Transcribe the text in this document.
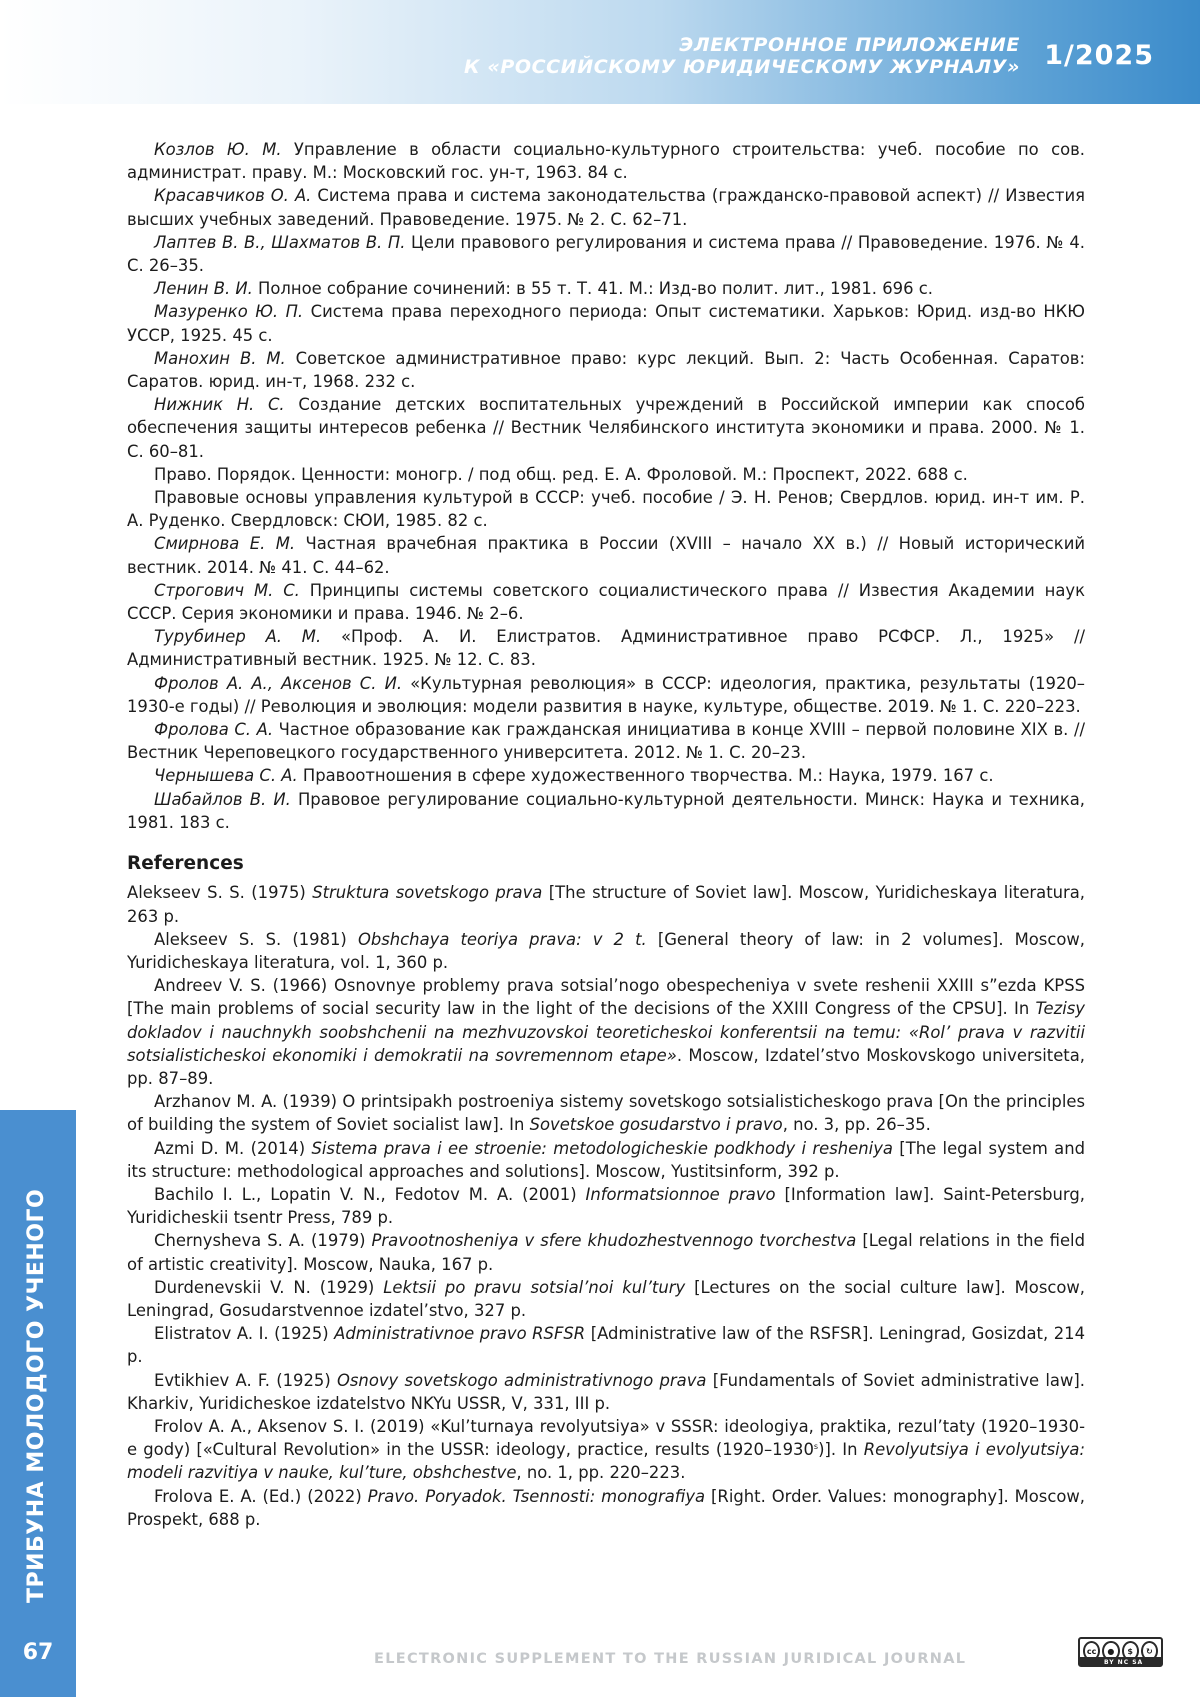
ЭЛЕКТРОННОЕ ПРИЛОЖЕНИЕ
К «РОССИЙСКОМУ ЮРИДИЧЕСКОМУ ЖУРНАЛУ» 1/2025
ТРИБУНА МОЛОДОГО УЧЕНОГО
67

Козлов Ю. М. Управление в области социально-культурного строительства: учеб. пособие по сов. администрат. праву. М.: Московский гос. ун-т, 1963. 84 с.

Красавчиков О. А. Система права и система законодательства (гражданско-правовой аспект) // Известия высших учебных заведений. Правоведение. 1975. № 2. С. 62–71.

Лаптев В. В., Шахматов В. П. Цели правового регулирования и система права // Правоведение. 1976. № 4. С. 26–35.

Ленин В. И. Полное собрание сочинений: в 55 т. Т. 41. М.: Изд-во полит. лит., 1981. 696 с.

Мазуренко Ю. П. Система права переходного периода: Опыт систематики. Харьков: Юрид. изд-во НКЮ УССР, 1925. 45 с.

Манохин В. М. Советское административное право: курс лекций. Вып. 2: Часть Особенная. Саратов: Саратов. юрид. ин-т, 1968. 232 с.

Нижник Н. С. Создание детских воспитательных учреждений в Российской империи как способ обеспечения защиты интересов ребенка // Вестник Челябинского института экономики и права. 2000. № 1. С. 60–81.

Право. Порядок. Ценности: моногр. / под общ. ред. Е. А. Фроловой. М.: Проспект, 2022. 688 с.

Правовые основы управления культурой в СССР: учеб. пособие / Э. Н. Ренов; Свердлов. юрид. ин-т им. Р. А. Руденко. Свердловск: СЮИ, 1985. 82 с.

Смирнова Е. М. Частная врачебная практика в России (XVIII – начало XX в.) // Новый исторический вестник. 2014. № 41. С. 44–62.

Строгович М. С. Принципы системы советского социалистического права // Известия Академии наук СССР. Серия экономики и права. 1946. № 2–6.

Турубинер А. М. «Проф. А. И. Елистратов. Административное право РСФСР. Л., 1925» // Административный вестник. 1925. № 12. С. 83.

Фролов А. А., Аксенов С. И. «Культурная революция» в СССР: идеология, практика, результаты (1920–1930-е годы) // Революция и эволюция: модели развития в науке, культуре, обществе. 2019. № 1. С. 220–223.

Фролова С. А. Частное образование как гражданская инициатива в конце XVIII – первой половине XIX в. // Вестник Череповецкого государственного университета. 2012. № 1. С. 20–23.

Чернышева С. А. Правоотношения в сфере художественного творчества. М.: Наука, 1979. 167 с.

Шабайлов В. И. Правовое регулирование социально-культурной деятельности. Минск: Наука и техника, 1981. 183 с.

References

Alekseev S. S. (1975) Struktura sovetskogo prava [The structure of Soviet law]. Moscow, Yuridicheskaya literatura, 263 p.

Alekseev S. S. (1981) Obshchaya teoriya prava: v 2 t. [General theory of law: in 2 volumes]. Moscow, Yuridicheskaya literatura, vol. 1, 360 p.

Andreev V. S. (1966) Osnovnye problemy prava sotsial’nogo obespecheniya v svete reshenii XXIII s”ezda KPSS [The main problems of social security law in the light of the decisions of the XXIII Congress of the CPSU]. In Tezisy dokladov i nauchnykh soobshchenii na mezhvuzovskoi teoreticheskoi konferentsii na temu: «Rol’ prava v razvitii sotsialisticheskoi ekonomiki i demokratii na sovremennom etape». Moscow, Izdatel’stvo Moskovskogo universiteta, pp. 87–89.

Arzhanov M. A. (1939) O printsipakh postroeniya sistemy sovetskogo sotsialisticheskogo prava [On the principles of building the system of Soviet socialist law]. In Sovetskoe gosudarstvo i pravo, no. 3, pp. 26–35.

Azmi D. M. (2014) Sistema prava i ee stroenie: metodologicheskie podkhody i resheniya [The legal system and its structure: methodological approaches and solutions]. Moscow, Yustitsinform, 392 p.

Bachilo I. L., Lopatin V. N., Fedotov M. A. (2001) Informatsionnoe pravo [Information law]. Saint-Petersburg, Yuridicheskii tsentr Press, 789 p.

Chernysheva S. A. (1979) Pravootnosheniya v sfere khudozhestvennogo tvorchestva [Legal relations in the field of artistic creativity]. Moscow, Nauka, 167 p.

Durdenevskii V. N. (1929) Lektsii po pravu sotsial’noi kul’tury [Lectures on the social culture law]. Moscow, Leningrad, Gosudarstvennoe izdatel’stvo, 327 p.

Elistratov A. I. (1925) Administrativnoe pravo RSFSR [Administrative law of the RSFSR]. Leningrad, Gosizdat, 214 p.

Evtikhiev A. F. (1925) Osnovy sovetskogo administrativnogo prava [Fundamentals of Soviet administrative law]. Kharkiv, Yuridicheskoe izdatelstvo NKYu USSR, V, 331, III p.

Frolov A. A., Aksenov S. I. (2019) «Kul’turnaya revolyutsiya» v SSSR: ideologiya, praktika, rezul’taty (1920–1930-e gody) [«Cultural Revolution» in the USSR: ideology, practice, results (1920–1930s)]. In Revolyutsiya i evolyutsiya: modeli razvitiya v nauke, kul’ture, obshchestve, no. 1, pp. 220–223.

Frolova E. A. (Ed.) (2022) Pravo. Poryadok. Tsennosti: monografiya [Right. Order. Values: monography]. Moscow, Prospekt, 688 p.

ELECTRONIC SUPPLEMENT TO THE RUSSIAN JURIDICAL JOURNAL	cc	●	$	↻
BY NC SA
